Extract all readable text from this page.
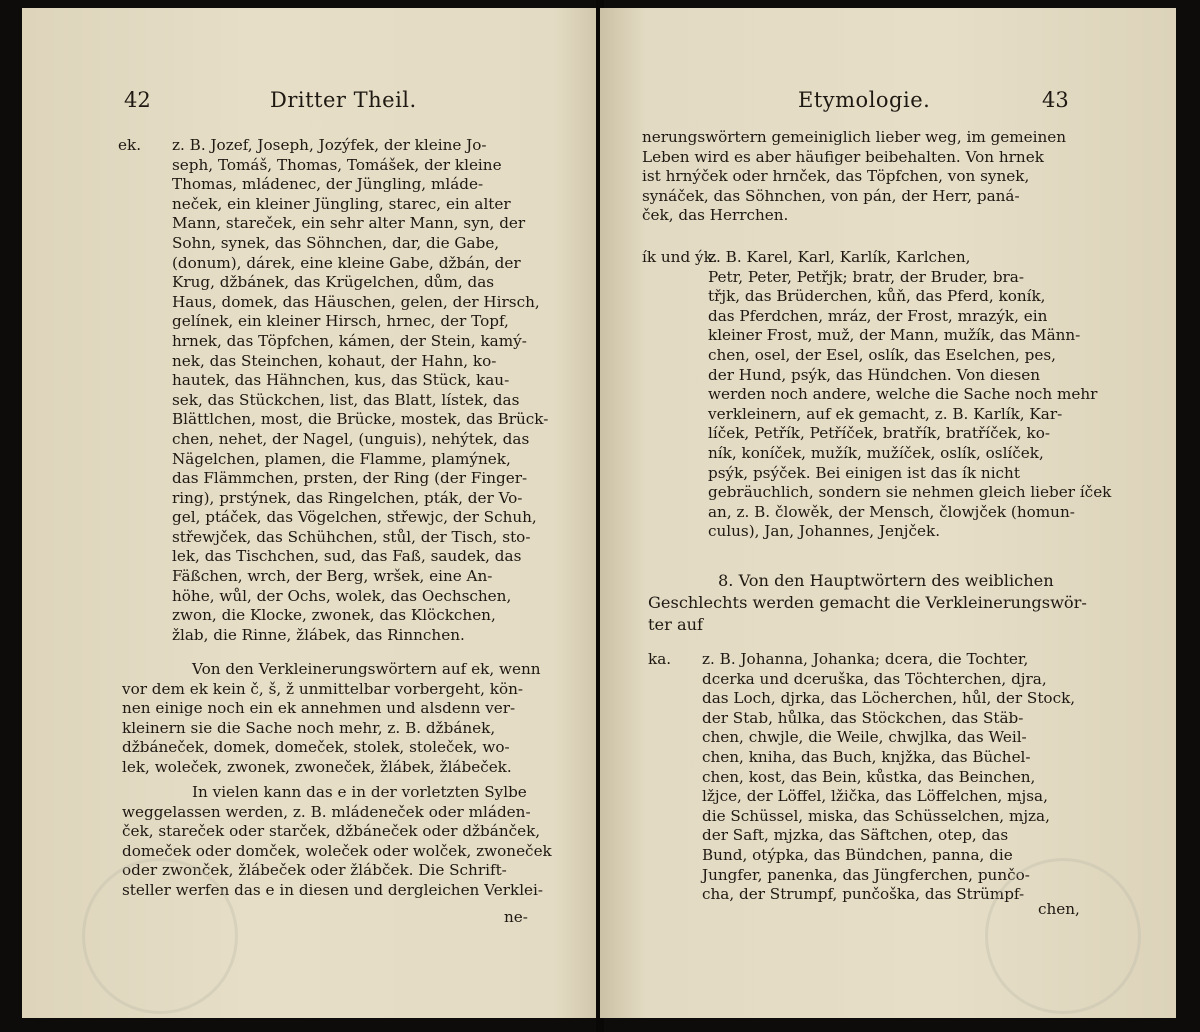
42	Dritter Theil.
ek. z. B. Jozef, Joseph, Jozýfek, der kleine Jo-
seph, Tomáš, Thomas, Tomášek, der kleine
Thomas, mládenec, der Jüngling, mláde-
neček, ein kleiner Jüngling, starec, ein alter
Mann, stareček, ein sehr alter Mann, syn, der
Sohn, synek, das Söhnchen, dar, die Gabe,
(donum), dárek, eine kleine Gabe, džbán, der
Krug, džbánek, das Krügelchen, dům, das
Haus, domek, das Häuschen, gelen, der Hirsch,
gelínek, ein kleiner Hirsch, hrnec, der Topf,
hrnek, das Töpfchen, kámen, der Stein, kamý-
nek, das Steinchen, kohaut, der Hahn, ko-
hautek, das Hähnchen, kus, das Stück, kau-
sek, das Stückchen, list, das Blatt, lístek, das
Blättlchen, most, die Brücke, mostek, das Brück-
chen, nehet, der Nagel, (unguis), nehýtek, das
Nägelchen, plamen, die Flamme, plamýnek,
das Flämmchen, prsten, der Ring (der Finger-
ring), prstýnek, das Ringelchen, pták, der Vo-
gel, ptáček, das Vögelchen, střewjc, der Schuh,
střewjček, das Schühchen, stůl, der Tisch, sto-
lek, das Tischchen, sud, das Faß, saudek, das
Fäßchen, wrch, der Berg, wršek, eine An-
höhe, wůl, der Ochs, wolek, das Oechschen,
zwon, die Klocke, zwonek, das Klöckchen,
žlab, die Rinne, žlábek, das Rinnchen.
Von den Verkleinerungswörtern auf ek, wenn
vor dem ek kein č, š, ž unmittelbar vorbergeht, kön-
nen einige noch ein ek annehmen und alsdenn ver-
kleinern sie die Sache noch mehr, z. B. džbánek,
džbáneček, domek, domeček, stolek, stoleček, wo-
lek, woleček, zwonek, zwoneček, žlábek, žlábeček.
In vielen kann das e in der vorletzten Sylbe
weggelassen werden, z. B. mládeneček oder mláden-
ček, stareček oder starček, džbáneček oder džbánček,
domeček oder domček, woleček oder wolček, zwoneček
oder zwonček, žlábeček oder žlábček. Die Schrift-
steller werfen das e in diesen und dergleichen Verklei-
ne-
Etymologie.	43
nerungswörtern gemeiniglich lieber weg, im gemeinen
Leben wird es aber häufiger beibehalten. Von hrnek
ist hrnýček oder hrnček, das Töpfchen, von synek,
synáček, das Söhnchen, von pán, der Herr, paná-
ček, das Herrchen.
ík und ýk.
z. B. Karel, Karl, Karlík, Karlchen,
Petr, Peter, Petřjk; bratr, der Bruder, bra-
třjk, das Brüderchen, kůň, das Pferd, koník,
das Pferdchen, mráz, der Frost, mrazýk, ein
kleiner Frost, muž, der Mann, mužík, das Männ-
chen, osel, der Esel, oslík, das Eselchen, pes,
der Hund, psýk, das Hündchen. Von diesen
werden noch andere, welche die Sache noch mehr
verkleinern, auf ek gemacht, z. B. Karlík, Kar-
líček, Petřík, Petříček, bratřík, bratříček, ko-
ník, koníček, mužík, mužíček, oslík, oslíček,
psýk, psýček. Bei einigen ist das ík nicht
gebräuchlich, sondern sie nehmen gleich lieber íček
an, z. B. člowěk, der Mensch, člowjček (homun-
culus), Jan, Johannes, Jenjček.
8. Von den Hauptwörtern des weiblichen
Geschlechts werden gemacht die Verkleinerungswör-
ter auf
ka. z. B. Johanna, Johanka; dcera, die Tochter,
dcerka und dceruška, das Töchterchen, djra,
das Loch, djrka, das Löcherchen, hůl, der Stock,
der Stab, hůlka, das Stöckchen, das Stäb-
chen, chwjle, die Weile, chwjlka, das Weil-
chen, kniha, das Buch, knjžka, das Büchel-
chen, kost, das Bein, kůstka, das Beinchen,
lžjce, der Löffel, lžička, das Löffelchen, mjsa,
die Schüssel, miska, das Schüsselchen, mjza,
der Saft, mjzka, das Säftchen, otep, das
Bund, otýpka, das Bündchen, panna, die
Jungfer, panenka, das Jüngferchen, punčo-
cha, der Strumpf, punčoška, das Strümpf-
chen,
